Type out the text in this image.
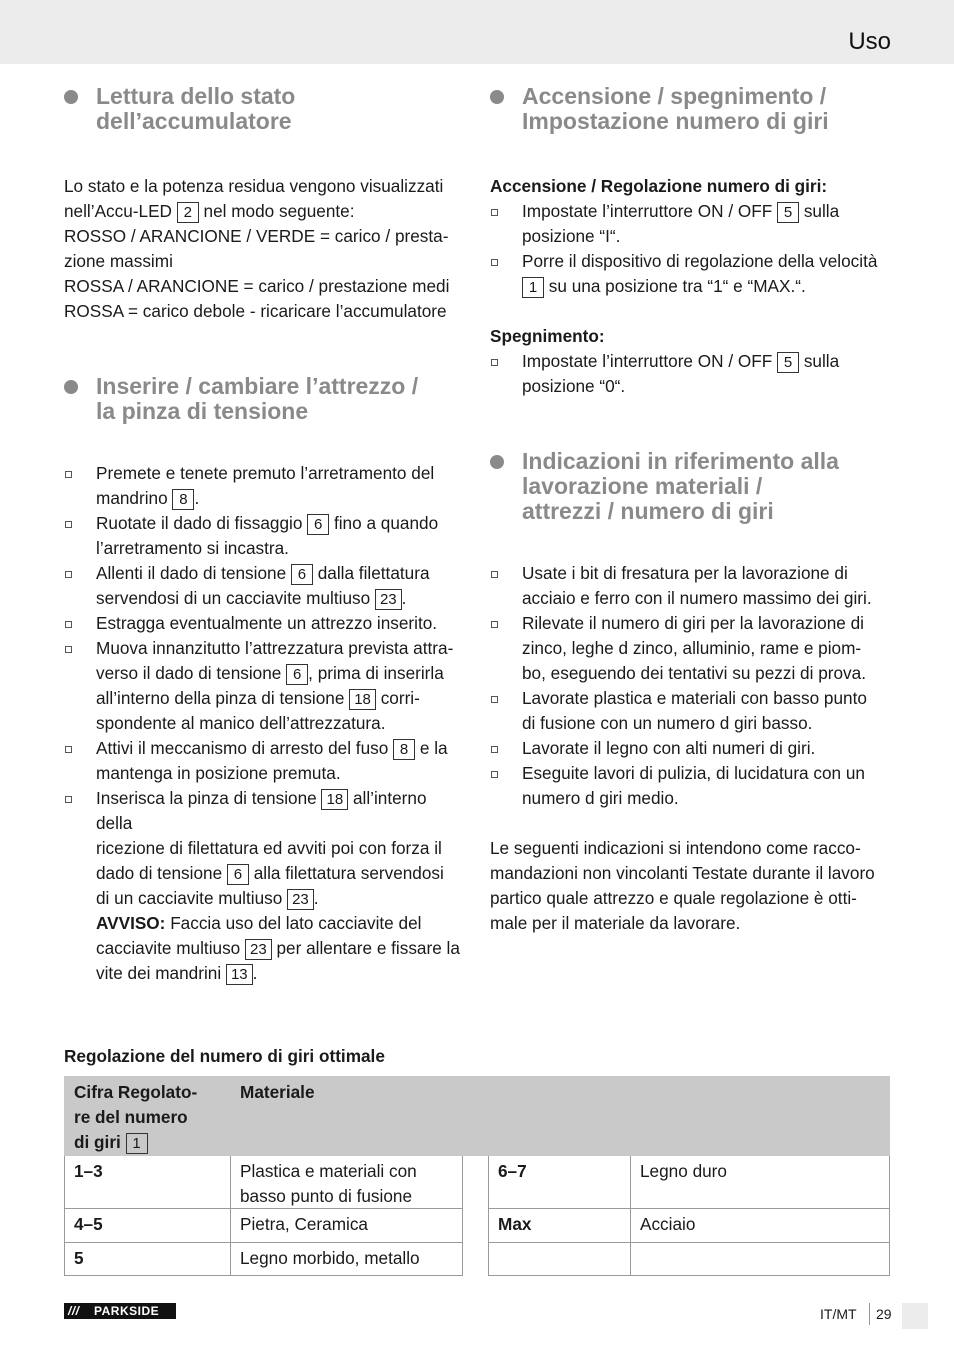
Uso
Lettura dello stato
dell’accumulatore

Lo stato e la potenza residua vengono visualizzati
nell’Accu-LED 2 nel modo seguente:
ROSSO / ARANCIONE / VERDE = carico / presta-
zione massimi
ROSSA / ARANCIONE = carico / prestazione medi
ROSSA = carico debole - ricaricare l’accumulatore

Inserire / cambiare l’attrezzo /
la pinza di tensione
Premete e tenete premuto l’arretramento del
mandrino 8 .
Ruotate il dado di fissaggio 6 fino a quando
l’arretramento si incastra.
Allenti il dado di tensione 6 dalla filettatura
servendosi di un cacciavite multiuso 23 .
Estragga eventualmente un attrezzo inserito.
Muova innanzitutto l’attrezzatura prevista attra-
verso il dado di tensione 6 , prima di inserirla
all’interno della pinza di tensione 18 corri-
spondente al manico dell’attrezzatura.
Attivi il meccanismo di arresto del fuso 8 e la
mantenga in posizione premuta.
Inserisca la pinza di tensione 18 all’interno della
ricezione di filettatura ed avviti poi con forza il
dado di tensione 6 alla filettatura servendosi
di un cacciavite multiuso 23 .
AVVISO: Faccia uso del lato cacciavite del
cacciavite multiuso 23 per allentare e fissare la
vite dei mandrini 13 .
Accensione / spegnimento /
Impostazione numero di giri

Accensione / Regolazione numero di giri:

Impostate l’interruttore ON / OFF 5 sulla
posizione “I“.
Porre il dispositivo di regolazione della velocità
1 su una posizione tra “1“ e “MAX.“.

Spegnimento:

Impostate l’interruttore ON / OFF 5 sulla
posizione “0“.
Indicazioni in riferimento alla
lavorazione materiali /
attrezzi / numero di giri
Usate i bit di fresatura per la lavorazione di
acciaio e ferro con il numero massimo dei giri.
Rilevate il numero di giri per la lavorazione di
zinco, leghe d zinco, alluminio, rame e piom-
bo, eseguendo dei tentativi su pezzi di prova.
Lavorate plastica e materiali con basso punto
di fusione con un numero d giri basso.
Lavorate il legno con alti numeri di giri.
Eseguite lavori di pulizia, di lucidatura con un
numero d giri medio.

Le seguenti indicazioni si intendono come racco-
mandazioni non vincolanti Testate durante il lavoro
partico quale attrezzo e quale regolazione è otti-
male per il materiale da lavorare.

Regolazione del numero di giri ottimale
Cifra Regolato-
re del numero
di giri 1
Materiale
1–3	Plastica e materiali con
basso punto di fusione
4–5	Pietra, Ceramica
5	Legno morbido, metallo
6–7	Legno duro
Max	Acciaio
/// PARKSIDE	IT/MT 29
